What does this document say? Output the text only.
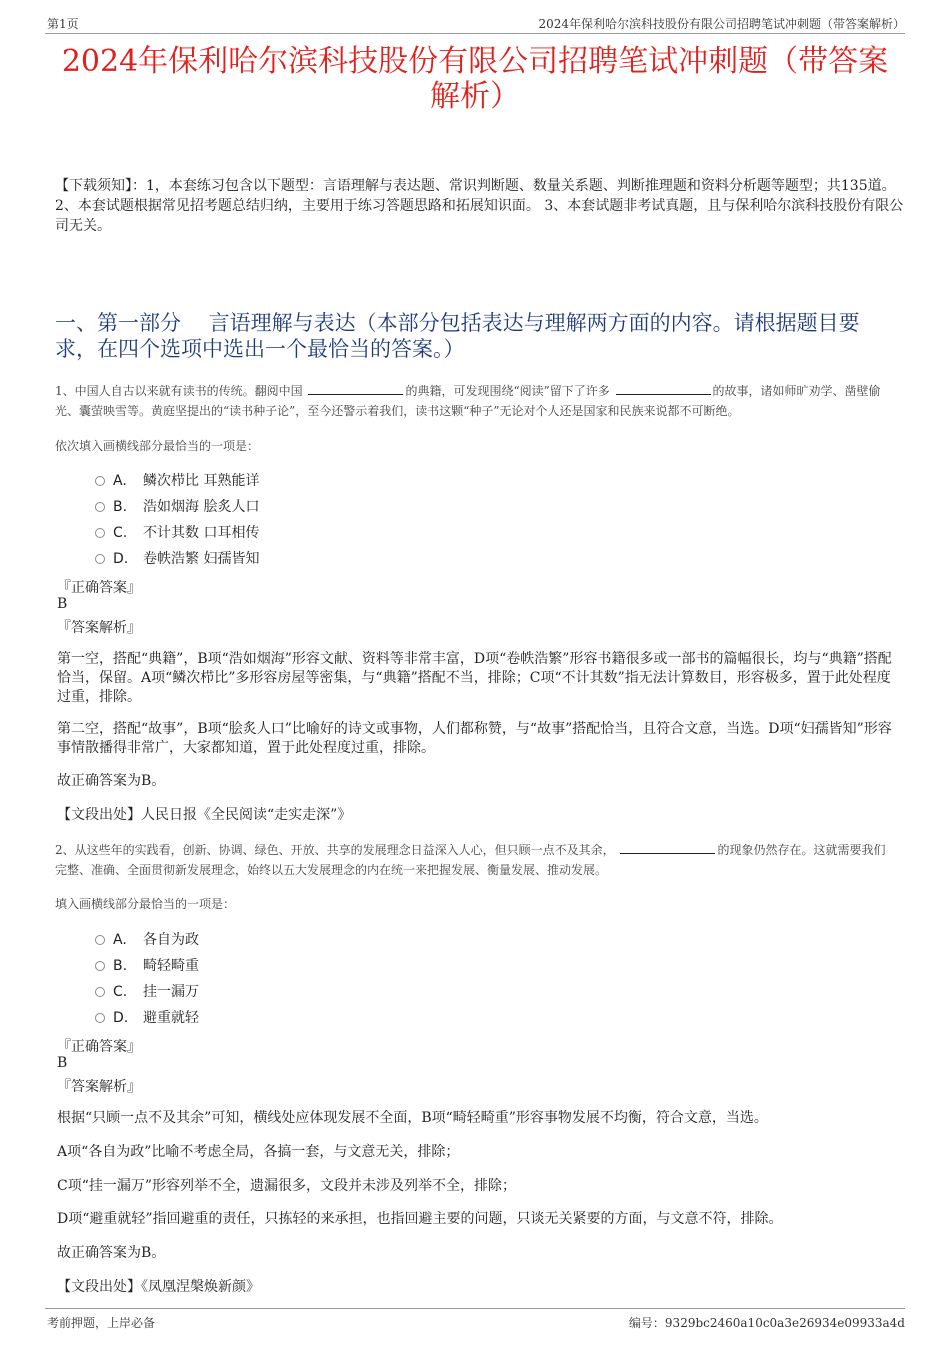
第1页	2024年保利哈尔滨科技股份有限公司招聘笔试冲刺题（带答案解析）
2024年保利哈尔滨科技股份有限公司招聘笔试冲刺题（带答案
解析）
【下载须知】：1，本套练习包含以下题型：言语理解与表达题、常识判断题、数量关系题、判断推理题和资料分析题等题型；共135道。 2、本套试题根据常见招考题总结归纳，主要用于练习答题思路和拓展知识面。 3、本套试题非考试真题，且与保利哈尔滨科技股份有限公司无关。
一、第一部分　 言语理解与表达（本部分包括表达与理解两方面的内容。请根据题目要求，在四个选项中选出一个最恰当的答案。）
1、中国人自古以来就有读书的传统。翻阅中国	的典籍，可发现围绕“阅读”留下了许多	的故事，诸如师旷劝学、凿壁偷光、囊萤映雪等。黄庭坚提出的“读书种子论”，至今还警示着我们，读书这颗“种子”无论对个人还是国家和民族来说都不可断绝。
依次填入画横线部分最恰当的一项是：
A. 鳞次栉比 耳熟能详
B. 浩如烟海 脍炙人口
C. 不计其数 口耳相传
D. 卷帙浩繁 妇孺皆知
『正确答案』
B
『答案解析』
第一空，搭配“典籍”，B项“浩如烟海”形容文献、资料等非常丰富，D项“卷帙浩繁”形容书籍很多或一部书的篇幅很长，均与“典籍”搭配恰当，保留。A项“鳞次栉比”多形容房屋等密集，与“典籍”搭配不当，排除；C项“不计其数”指无法计算数目，形容极多，置于此处程度过重，排除。
第二空，搭配“故事”，B项“脍炙人口”比喻好的诗文或事物，人们都称赞，与“故事”搭配恰当，且符合文意，当选。D项“妇孺皆知”形容事情散播得非常广，大家都知道，置于此处程度过重，排除。
故正确答案为B。
【文段出处】人民日报《全民阅读“走实走深”》
2、从这些年的实践看，创新、协调、绿色、开放、共享的发展理念日益深入人心，但只顾一点不及其余，	的现象仍然存在。这就需要我们完整、准确、全面贯彻新发展理念，始终以五大发展理念的内在统一来把握发展、衡量发展、推动发展。
填入画横线部分最恰当的一项是：
A. 各自为政
B. 畸轻畸重
C. 挂一漏万
D. 避重就轻
『正确答案』
B
『答案解析』
根据“只顾一点不及其余”可知，横线处应体现发展不全面，B项“畸轻畸重”形容事物发展不均衡，符合文意，当选。
A项“各自为政”比喻不考虑全局，各搞一套，与文意无关，排除；
C项“挂一漏万”形容列举不全，遗漏很多，文段并未涉及列举不全，排除；
D项“避重就轻”指回避重的责任，只拣轻的来承担，也指回避主要的问题，只谈无关紧要的方面，与文意不符，排除。
故正确答案为B。
【文段出处】《凤凰涅槃焕新颜》
考前押题，上岸必备	编号：9329bc2460a10c0a3e26934e09933a4d
